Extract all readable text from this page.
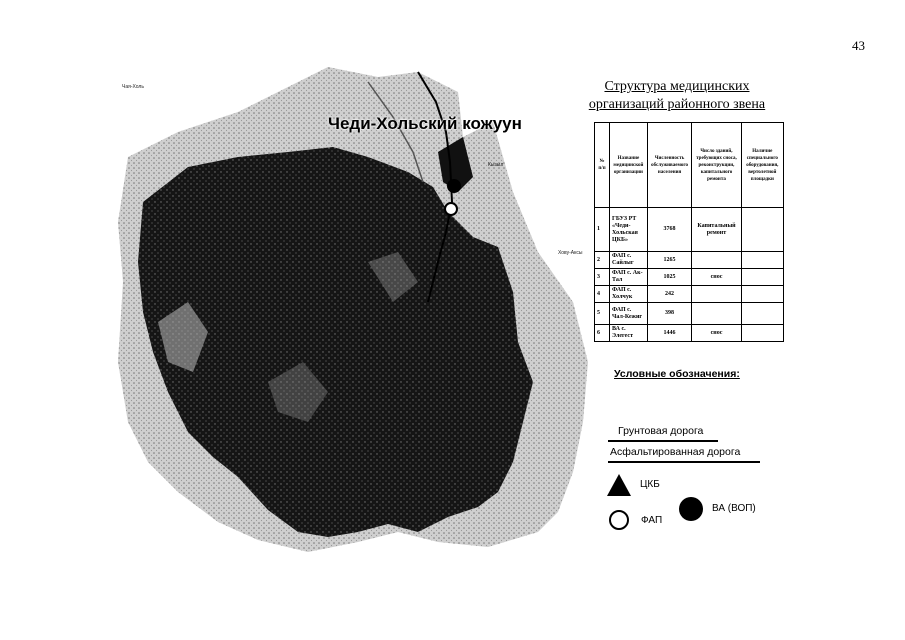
43
Чеди-Хольский кожуун
Чая-Холь
Кызыл
Хову-Аксы
Структура медицинских
организаций районного звена
№ п/п	Название медицинской организации	Численность обслуживаемого населения	Число зданий, требующих сноса, реконструкции, капитального ремонта	Наличие специального оборудования, вертолетной площадки
1	ГБУЗ РТ «Чеди-Хольская ЦКБ»	3768	Капитальный ремонт	
2	ФАП с. Сайлыг	1265		
3	ФАП с. Ак-Тал	1025	снос	
4	ФАП с. Холчук	242		
5	ФАП с. Чал-Кежиг	398		
6	ВА с. Элегест	1446	снос	
Условные обозначения:
Грунтовая дорога
Асфальтированная дорога
ЦКБ
ФАП
ВА (ВОП)
